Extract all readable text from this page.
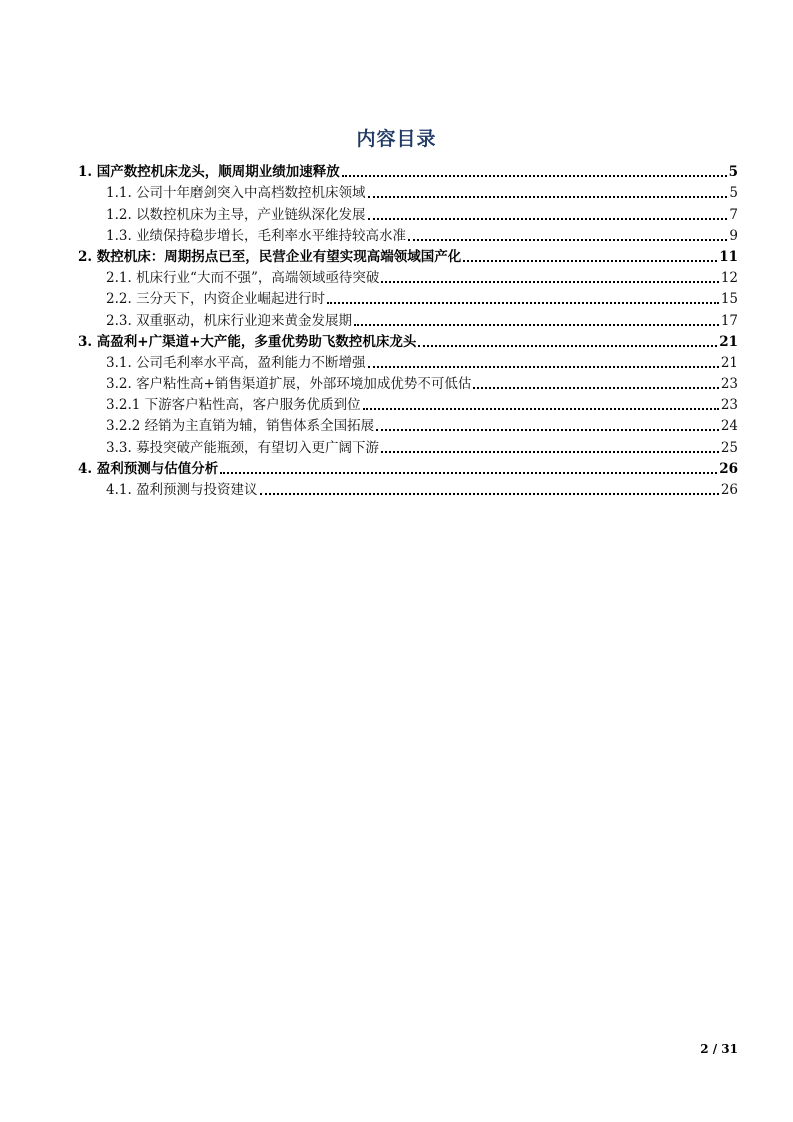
内容目录
1. 国产数控机床龙头，顺周期业绩加速释放	5
1.1. 公司十年磨剑突入中高档数控机床领域	5
1.2. 以数控机床为主导，产业链纵深化发展	7
1.3. 业绩保持稳步增长，毛利率水平维持较高水准	9
2. 数控机床：周期拐点已至，民营企业有望实现高端领域国产化	11
2.1. 机床行业“大而不强”，高端领域亟待突破	12
2.2. 三分天下，内资企业崛起进行时	15
2.3. 双重驱动，机床行业迎来黄金发展期	17
3. 高盈利+广渠道+大产能，多重优势助飞数控机床龙头	21
3.1. 公司毛利率水平高，盈利能力不断增强	21
3.2. 客户粘性高+销售渠道扩展，外部环境加成优势不可低估	23
3.2.1 下游客户粘性高，客户服务优质到位	23
3.2.2 经销为主直销为辅，销售体系全国拓展	24
3.3. 募投突破产能瓶颈，有望切入更广阔下游	25
4. 盈利预测与估值分析	26
4.1. 盈利预测与投资建议	26
2 / 31
